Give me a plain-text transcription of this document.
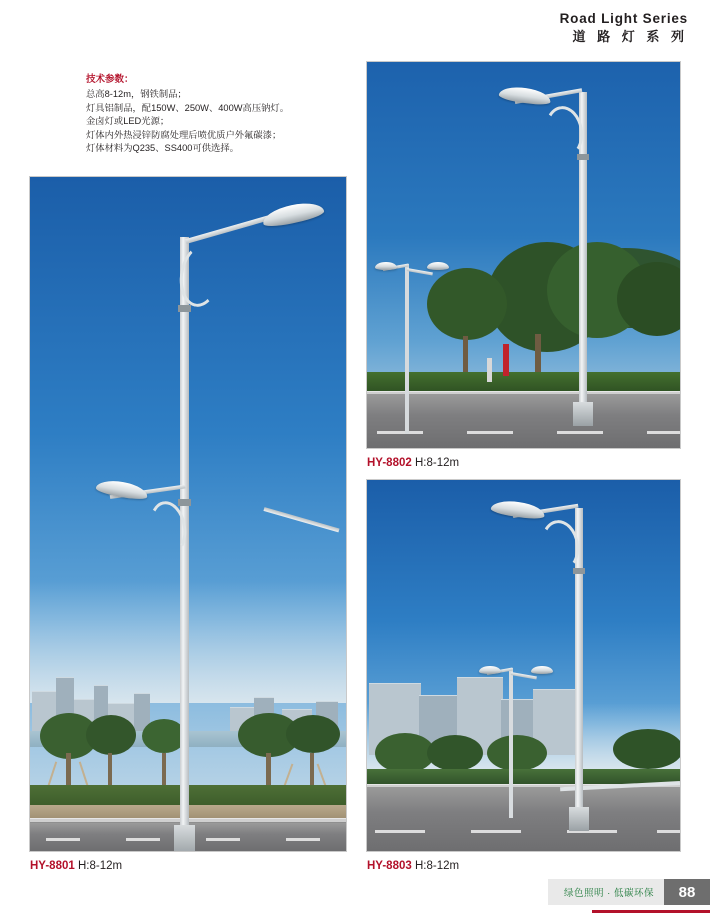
Road Light Series
道 路 灯 系 列
技术参数：
总高8-12m，钢铁制品；
灯具铝制品，配150W、250W、400W高压钠灯。
金卤灯或LED光源；
灯体内外热浸锌防腐处理后喷优质户外氟碳漆；
灯体材料为Q235、SS400可供选择。
HY-8801 H:8-12m
HY-8802 H:8-12m
HY-8803 H:8-12m
绿色照明 · 低碳环保	88
